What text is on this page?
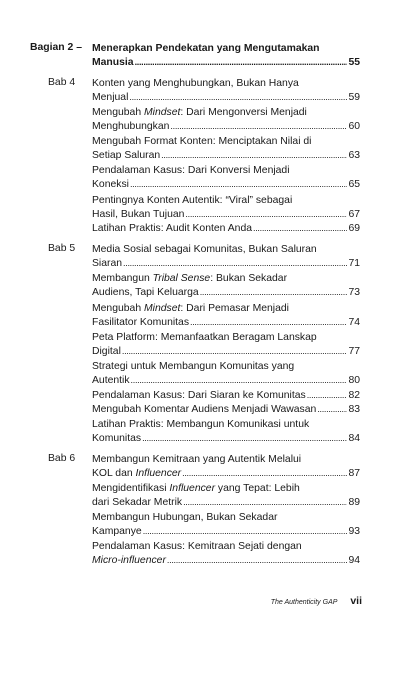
Bagian 2 – Menerapkan Pendekatan yang Mengutamakan
Manusia . . .	55
Bab 4 Konten yang Menghubungkan, Bukan Hanya
Menjual . . .	59
Mengubah Mindset: Dari Mengonversi Menjadi
Menghubungkan . . .	60
Mengubah Format Konten: Menciptakan Nilai di
Setiap Saluran . . .	63
Pendalaman Kasus: Dari Konversi Menjadi
Koneksi . . .	65
Pentingnya Konten Autentik: “Viral” sebagai
Hasil, Bukan Tujuan . . .	67
Latihan Praktis: Audit Konten Anda . . .	69
Bab 5 Media Sosial sebagai Komunitas, Bukan Saluran
Siaran . . .	71
Membangun Tribal Sense: Bukan Sekadar
Audiens, Tapi Keluarga . . .	73
Mengubah Mindset: Dari Pemasar Menjadi
Fasilitator Komunitas . . .	74
Peta Platform: Memanfaatkan Beragam Lanskap
Digital . . .	77
Strategi untuk Membangun Komunitas yang
Autentik . . .	80
Pendalaman Kasus: Dari Siaran ke Komunitas . . .	82
Mengubah Komentar Audiens Menjadi Wawasan . . .	83
Latihan Praktis: Membangun Komunikasi untuk
Komunitas . . .	84
Bab 6 Membangun Kemitraan yang Autentik Melalui
KOL dan Influencer . . .	87
Mengidentifikasi Influencer yang Tepat: Lebih
dari Sekadar Metrik . . .	89
Membangun Hubungan, Bukan Sekadar
Kampanye . . .	93
Pendalaman Kasus: Kemitraan Sejati dengan
Micro-influencer . . .	94
The Authenticity GAP vii
